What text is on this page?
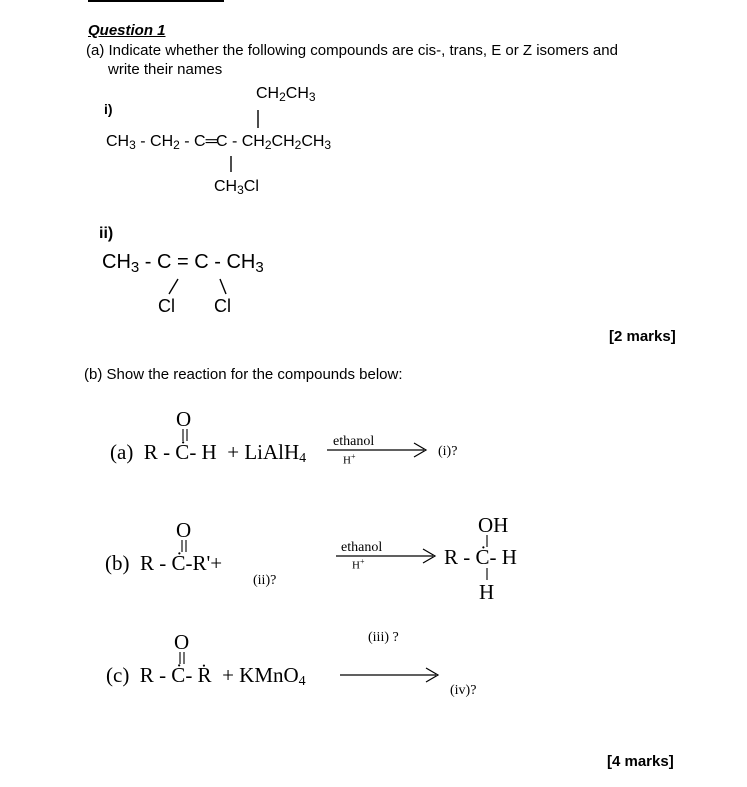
Question 1
(a) Indicate whether the following compounds are cis-, trans, E or Z isomers and
write their names
i)
$CH_2CH_3$
$CH_3 - CH_2$ - C═C - $CH_2CH_2CH_3$
$CH_3Cl$
ii)
$CH_3 - C = C - CH_3$
Cl Cl
[2 marks]
(b) Show the reaction for the compounds below:
O
(a)  R - Ċ- H  + LiAlH$_4$
ethanol
H+	(i)?
O
(b)  R - Ċ-R'+
(ii)?
ethanol
H+
OH
R - Ċ- H
H
O
(c)  R - Ċ- Ṙ  + KMnO$_4$
(iii) ?
(iv)?
[4 marks]
